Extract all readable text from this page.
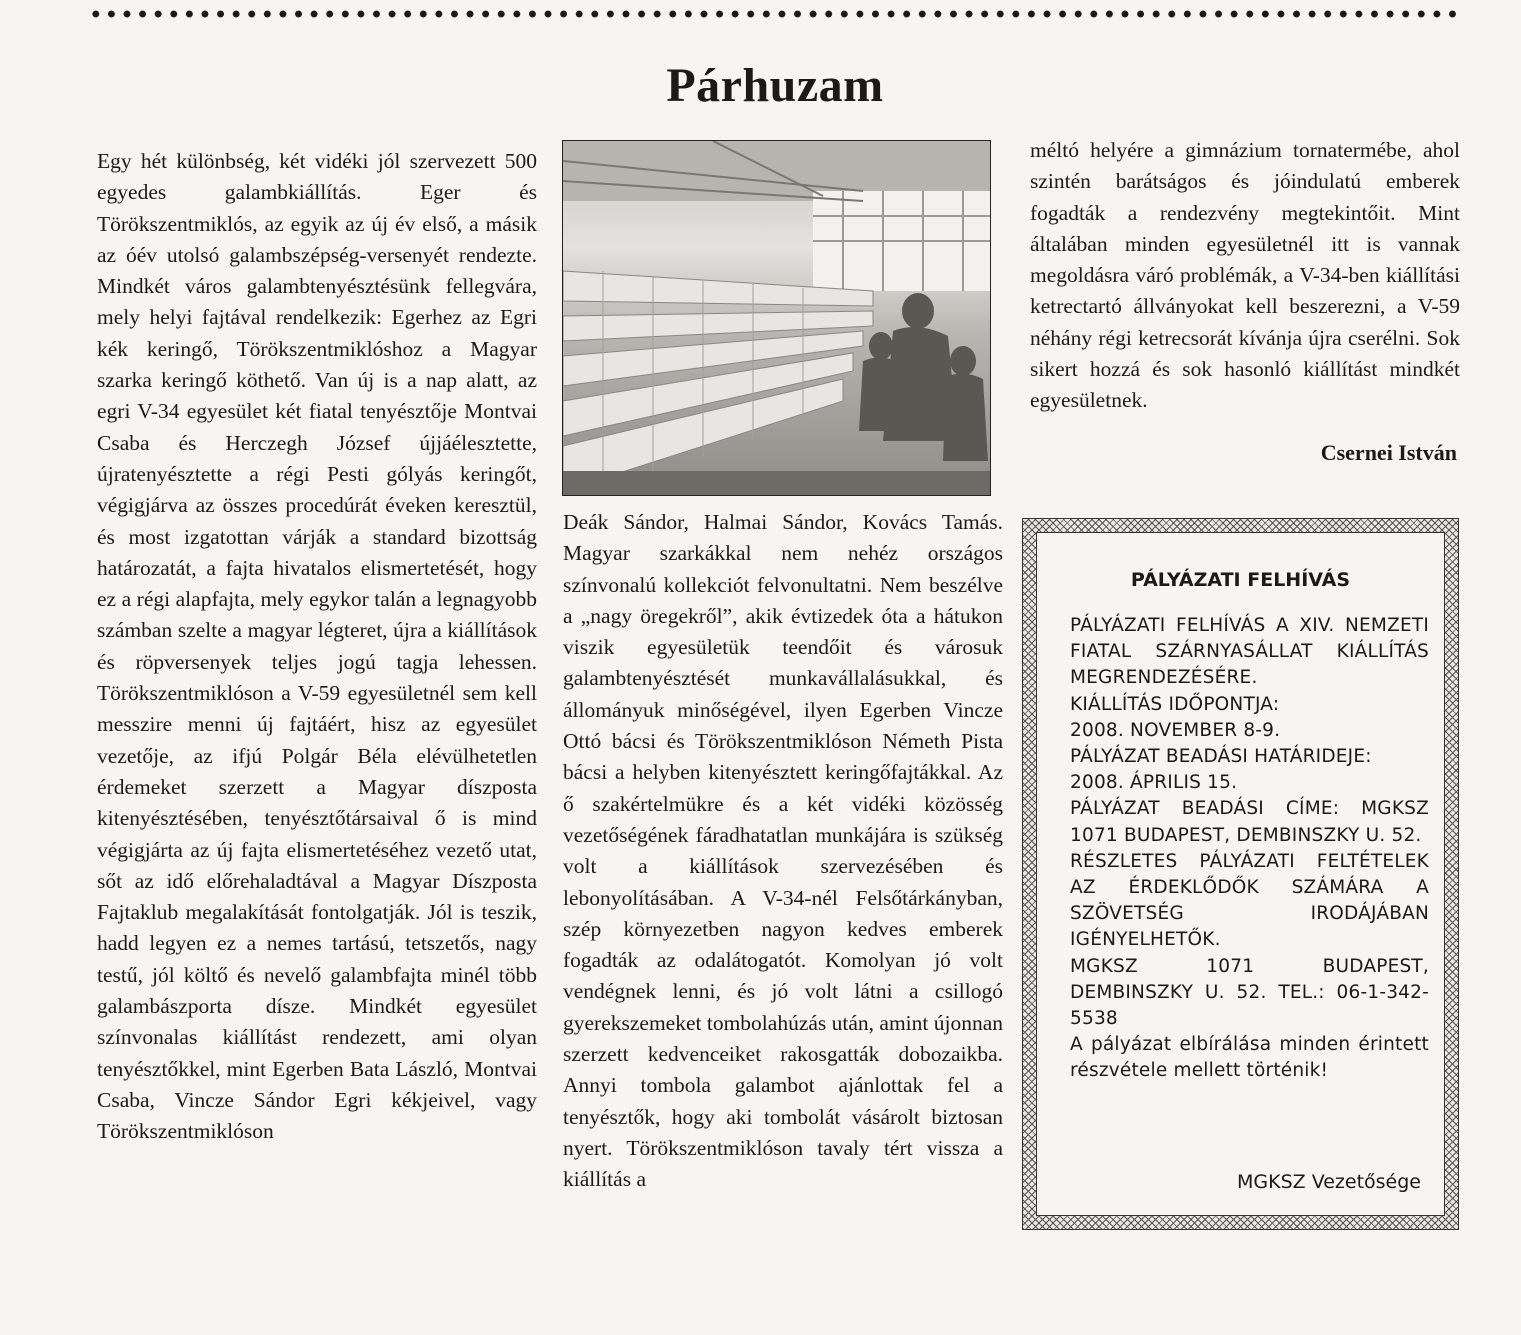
Párhuzam

Egy hét különbség, két vidéki jól szervezett 500 egyedes galambkiállítás. Eger és Törökszentmiklós, az egyik az új év első, a másik az óév utolsó galambszépség-versenyét rendezte. Mindkét város galambtenyésztésünk fellegvára, mely helyi fajtával rendelkezik: Egerhez az Egri kék keringő, Törökszentmiklóshoz a Magyar szarka keringő köthető. Van új is a nap alatt, az egri V-34 egyesület két fiatal tenyésztője Montvai Csaba és Herczegh József újjáélesztette, újratenyésztette a régi Pesti gólyás keringőt, végigjárva az összes procedúrát éveken keresztül, és most izgatottan várják a standard bizottság határozatát, a fajta hivatalos elismertetését, hogy ez a régi alapfajta, mely egykor talán a legnagyobb számban szelte a magyar légteret, újra a kiállítások és röpversenyek teljes jogú tagja lehessen. Törökszentmiklóson a V-59 egyesületnél sem kell messzire menni új fajtáért, hisz az egyesület vezetője, az ifjú Polgár Béla elévülhetetlen érdemeket szerzett a Magyar díszposta kitenyésztésében, tenyésztőtársaival ő is mind végigjárta az új fajta elismertetéséhez vezető utat, sőt az idő előrehaladtával a Magyar Díszposta Fajtaklub megalakítását fontolgatják. Jól is teszik, hadd legyen ez a nemes tartású, tetszetős, nagy testű, jól költő és nevelő galambfajta minél több galambászporta dísze. Mindkét egyesület színvonalas kiállítást rendezett, ami olyan tenyésztőkkel, mint Egerben Bata László, Montvai Csaba, Vincze Sándor Egri kékjeivel, vagy Törökszentmiklóson

Deák Sándor, Halmai Sándor, Kovács Tamás. Magyar szarkákkal nem nehéz országos színvonalú kollekciót felvonultatni. Nem beszélve a „nagy öregekről”, akik évtizedek óta a hátukon viszik egyesületük teendőit és városuk galambtenyésztését munkavállalásukkal, és állományuk minőségével, ilyen Egerben Vincze Ottó bácsi és Törökszentmiklóson Németh Pista bácsi a helyben kitenyésztett keringőfajtákkal. Az ő szakértelmükre és a két vidéki közösség vezetőségének fáradhatatlan munkájára is szükség volt a kiállítások szervezésében és lebonyolításában. A V-34-nél Felsőtárkányban, szép környezetben nagyon kedves emberek fogadták az odalátogatót. Komolyan jó volt vendégnek lenni, és jó volt látni a csillogó gyerekszemeket tombolahúzás után, amint újonnan szerzett kedvenceiket rakosgatták dobozaikba. Annyi tombola galambot ajánlottak fel a tenyésztők, hogy aki tombolát vásárolt biztosan nyert. Törökszentmiklóson tavaly tért vissza a kiállítás a

méltó helyére a gimnázium tornatermébe, ahol szintén barátságos és jóindulatú emberek fogadták a rendezvény megtekintőit. Mint általában minden egyesületnél itt is vannak megoldásra váró problémák, a V-34-ben kiállítási ketrectartó állványokat kell beszerezni, a V-59 néhány régi ketrecsorát kívánja újra cserélni. Sok sikert hozzá és sok hasonló kiállítást mindkét egyesületnek.

Csernei István
PÁLYÁZATI FELHÍVÁS

PÁLYÁZATI FELHÍVÁS A XIV. NEMZETI FIATAL SZÁRNYASÁLLAT KIÁLLÍTÁS MEGRENDEZÉSÉRE.
KIÁLLÍTÁS IDŐPONTJA:
2008. NOVEMBER 8-9.
PÁLYÁZAT BEADÁSI HATÁRIDEJE:
2008. ÁPRILIS 15.
PÁLYÁZAT BEADÁSI CÍME: MGKSZ 1071 BUDAPEST, DEMBINSZKY U. 52.
RÉSZLETES PÁLYÁZATI FELTÉTELEK AZ ÉRDEKLŐDŐK SZÁMÁRA A SZÖVETSÉG IRODÁJÁBAN IGÉNYELHETŐK.
MGKSZ 1071 BUDAPEST, DEMBINSZKY U. 52. TEL.: 06-1-342-5538
A pályázat elbírálása minden érintett részvétele mellett történik!

MGKSZ Vezetősége
